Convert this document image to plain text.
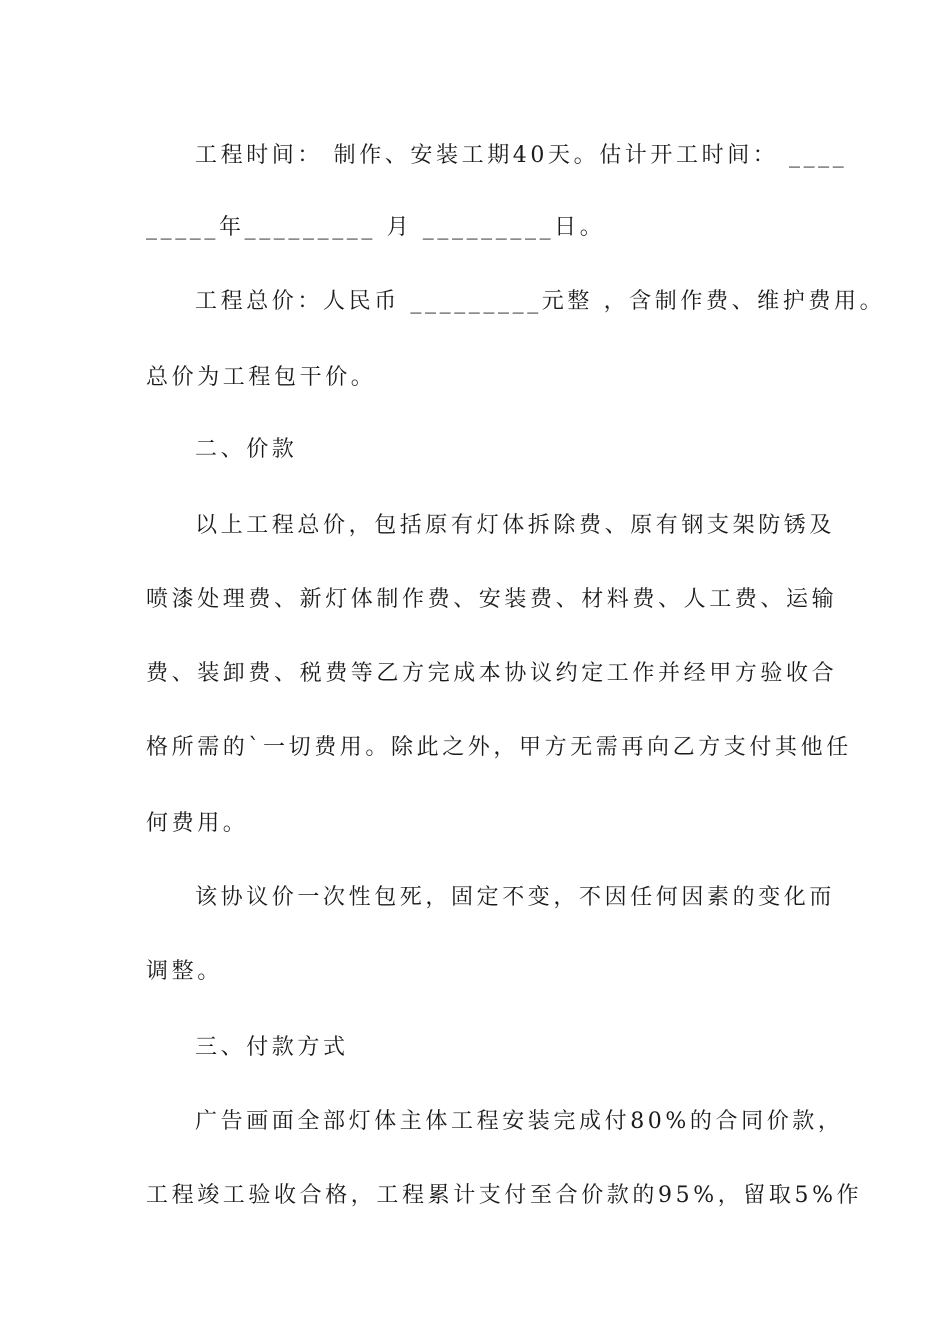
工程时间： 制作、安装工期40天。估计开工时间： ____
_____年_________ 月 _________日。
工程总价：人民币 _________元整 ，含制作费、维护费用。
总价为工程包干价。
二、价款
以上工程总价，包括原有灯体拆除费、原有钢支架防锈及
喷漆处理费、新灯体制作费、安装费、材料费、人工费、运输
费、装卸费、税费等乙方完成本协议约定工作并经甲方验收合
格所需的`一切费用。除此之外，甲方无需再向乙方支付其他任
何费用。
该协议价一次性包死，固定不变，不因任何因素的变化而
调整。
三、付款方式
广告画面全部灯体主体工程安装完成付80%的合同价款，
工程竣工验收合格，工程累计支付至合价款的95%，留取5%作
